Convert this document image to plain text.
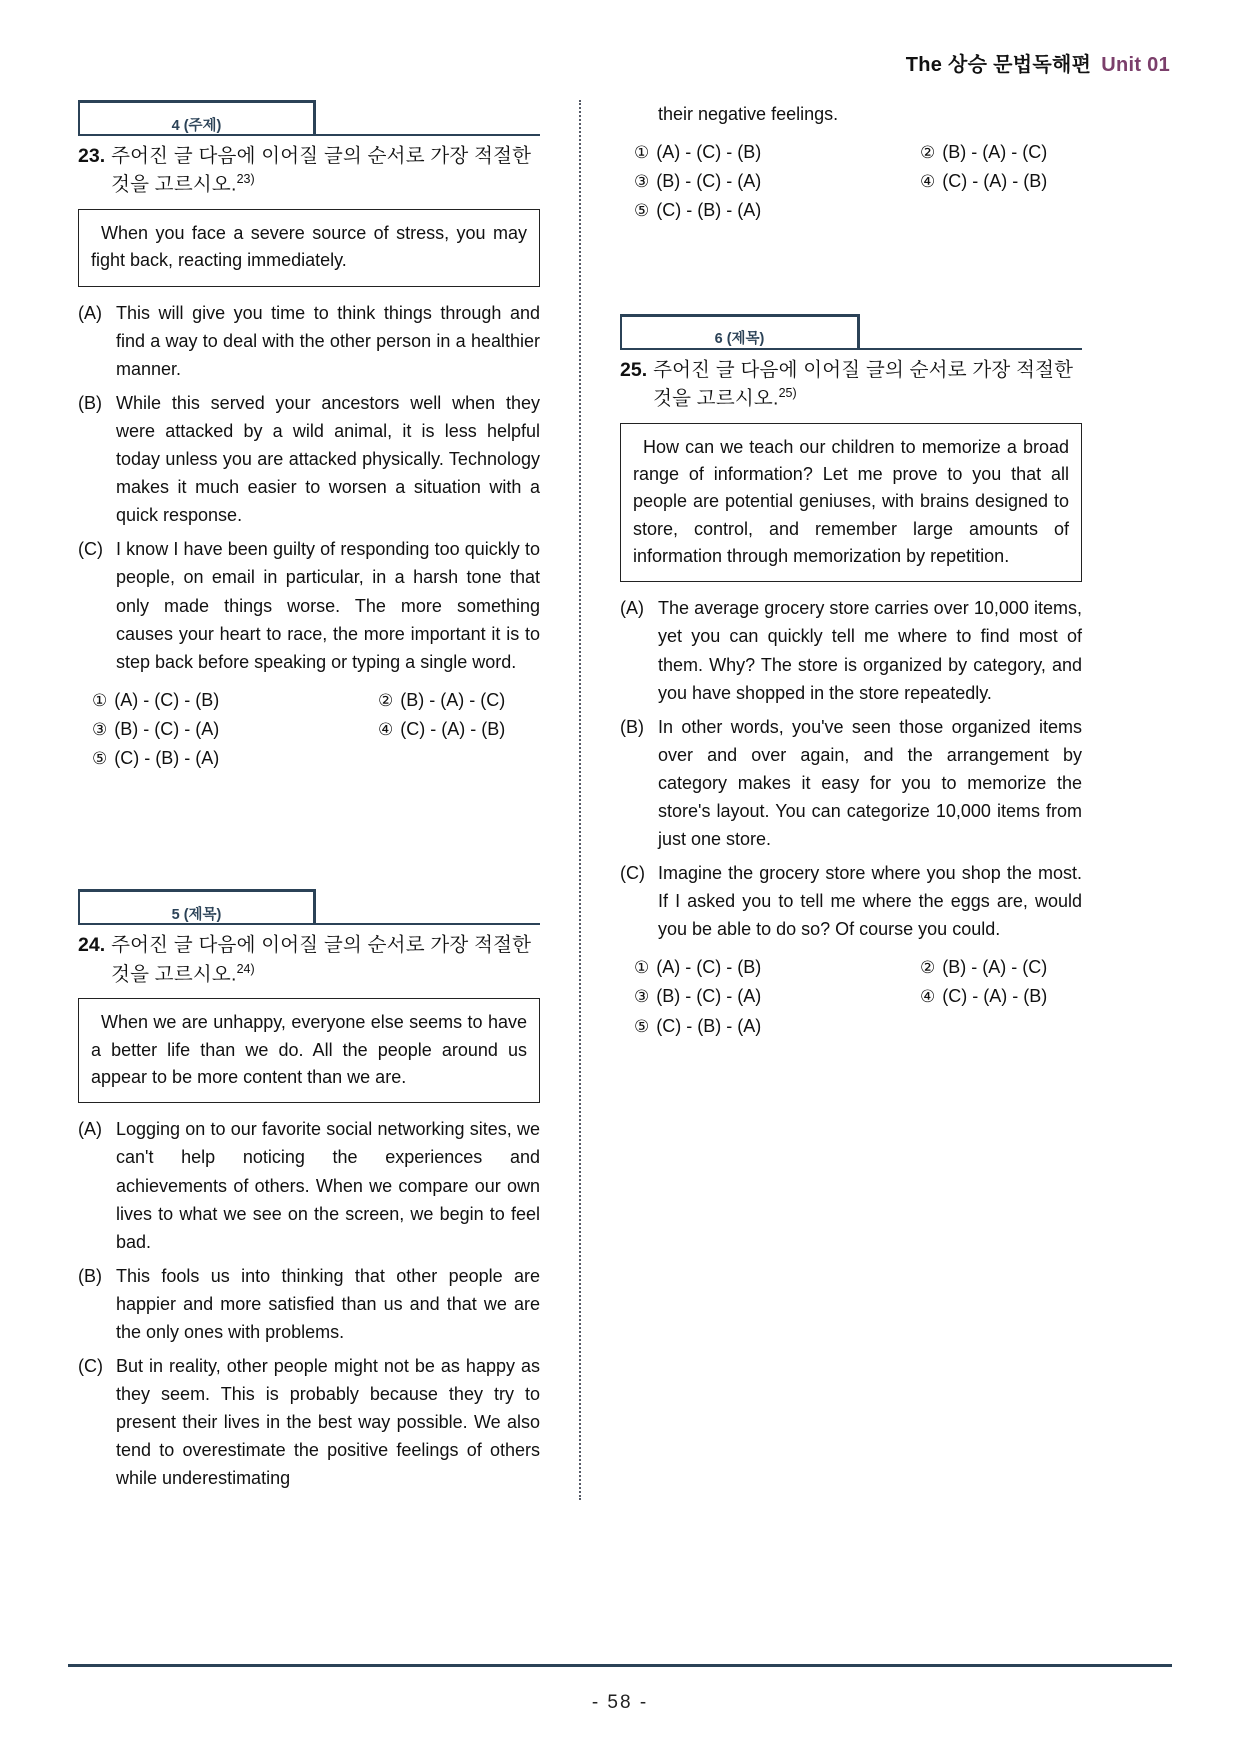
The 상승 문법독해편 Unit 01
4 (주제)
23. 주어진 글 다음에 이어질 글의 순서로 가장 적절한 것을 고르시오.$^{23)}$
When you face a severe source of stress, you may fight back, reacting immediately.
(A) This will give you time to think things through and find a way to deal with the other person in a healthier manner.
(B) While this served your ancestors well when they were attacked by a wild animal, it is less helpful today unless you are attacked physically. Technology makes it much easier to worsen a situation with a quick response.
(C) I know I have been guilty of responding too quickly to people, on email in particular, in a harsh tone that only made things worse. The more something causes your heart to race, the more important it is to step back before speaking or typing a single word.
① (A) - (C) - (B)	② (B) - (A) - (C)
③ (B) - (C) - (A)	④ (C) - (A) - (B)
⑤ (C) - (B) - (A)
5 (제목)
24. 주어진 글 다음에 이어질 글의 순서로 가장 적절한 것을 고르시오.$^{24)}$
When we are unhappy, everyone else seems to have a better life than we do. All the people around us appear to be more content than we are.
(A) Logging on to our favorite social networking sites, we can't help noticing the experiences and achievements of others. When we compare our own lives to what we see on the screen, we begin to feel bad.
(B) This fools us into thinking that other people are happier and more satisfied than us and that we are the only ones with problems.
(C) But in reality, other people might not be as happy as they seem. This is probably because they try to present their lives in the best way possible. We also tend to overestimate the positive feelings of others while underestimating
their negative feelings.
① (A) - (C) - (B)	② (B) - (A) - (C)
③ (B) - (C) - (A)	④ (C) - (A) - (B)
⑤ (C) - (B) - (A)
6 (제목)
25. 주어진 글 다음에 이어질 글의 순서로 가장 적절한 것을 고르시오.$^{25)}$
How can we teach our children to memorize a broad range of information? Let me prove to you that all people are potential geniuses, with brains designed to store, control, and remember large amounts of information through memorization by repetition.
(A) The average grocery store carries over 10,000 items, yet you can quickly tell me where to find most of them. Why? The store is organized by category, and you have shopped in the store repeatedly.
(B) In other words, you've seen those organized items over and over again, and the arrangement by category makes it easy for you to memorize the store's layout. You can categorize 10,000 items from just one store.
(C) Imagine the grocery store where you shop the most. If I asked you to tell me where the eggs are, would you be able to do so? Of course you could.
① (A) - (C) - (B)	② (B) - (A) - (C)
③ (B) - (C) - (A)	④ (C) - (A) - (B)
⑤ (C) - (B) - (A)
- 58 -
